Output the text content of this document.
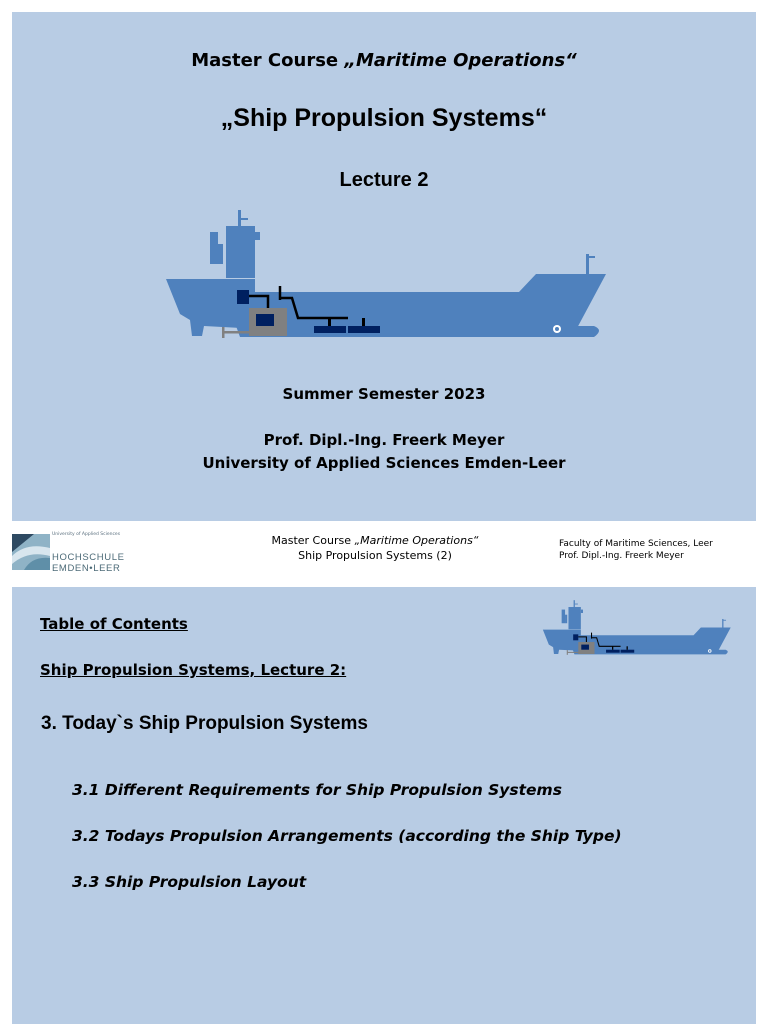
Master Course „Maritime Operations“
„Ship Propulsion Systems“
Lecture 2
Summer Semester 2023
Prof. Dipl.-Ing. Freerk Meyer
University of Applied Sciences Emden-Leer
University of Applied Sciences
HOCHSCHULE
EMDEN•LEER
Master Course „Maritime Operations“
Ship Propulsion Systems (2)
Faculty of Maritime Sciences, Leer
Prof. Dipl.-Ing. Freerk Meyer
Table of Contents
Ship Propulsion Systems, Lecture 2:
3. Today`s Ship Propulsion Systems
3.1 Different Requirements for Ship Propulsion Systems
3.2 Todays Propulsion Arrangements (according the Ship Type)
3.3 Ship Propulsion Layout
